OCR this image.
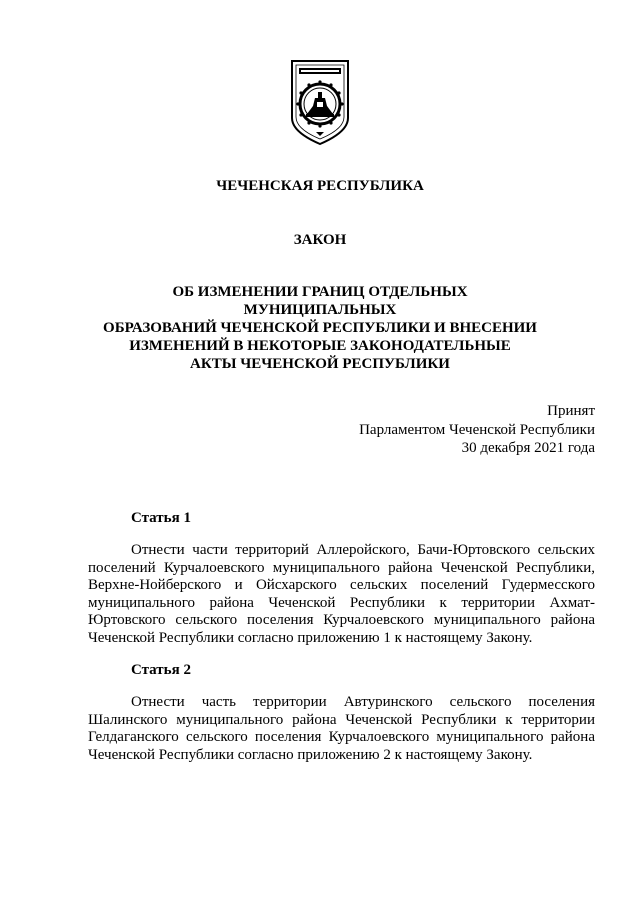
ЧЕЧЕНСКАЯ РЕСПУБЛИКА
ЗАКОН
ОБ ИЗМЕНЕНИИ ГРАНИЦ ОТДЕЛЬНЫХ МУНИЦИПАЛЬНЫХ
ОБРАЗОВАНИЙ ЧЕЧЕНСКОЙ РЕСПУБЛИКИ И ВНЕСЕНИИ
ИЗМЕНЕНИЙ В НЕКОТОРЫЕ ЗАКОНОДАТЕЛЬНЫЕ
АКТЫ ЧЕЧЕНСКОЙ РЕСПУБЛИКИ
Принят
Парламентом Чеченской Республики
30 декабря 2021 года
Статья 1

Отнести части территорий Аллеройского, Бачи-Юртовского сельских поселений Курчалоевского муниципального района Чеченской Республики, Верхне-Нойберского и Ойсхарского сельских поселений Гудермесского муниципального района Чеченской Республики к территории Ахмат-Юртовского сельского поселения Курчалоевского муниципального района Чеченской Республики согласно приложению 1 к настоящему Закону.

Статья 2

Отнести часть территории Автуринского сельского поселения Шалинского муниципального района Чеченской Республики к территории Гелдаганского сельского поселения Курчалоевского муниципального района Чеченской Республики согласно приложению 2 к настоящему Закону.
